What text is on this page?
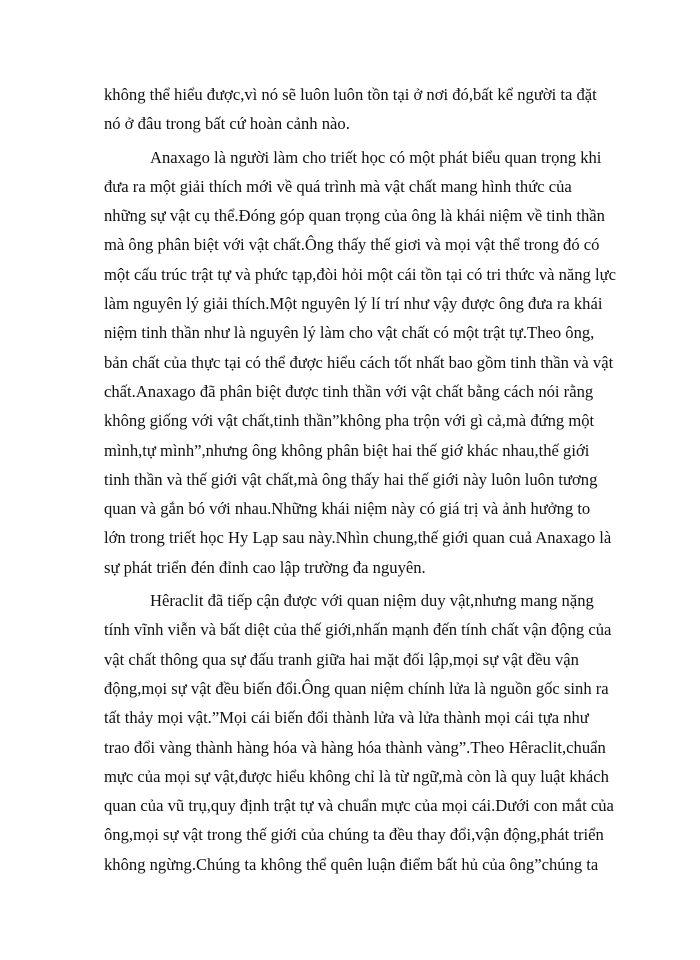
không thể hiểu được,vì nó sẽ luôn luôn tồn tại ở nơi đó,bất kể người ta đặt
nó ở đâu trong bất cứ hoàn cảnh nào.

Anaxago là người làm cho triết học có một phát biểu quan trọng khi
đưa ra một giải thích mới về quá trình mà vật chất mang hình thức của
những sự vật cụ thể.Đóng góp quan trọng của ông là khái niệm về tinh thần
mà ông phân biệt với vật chất.Ông thấy thế giơi và mọi vật thể trong đó có
một cấu trúc trật tự và phức tạp,đòi hỏi một cái tồn tại có tri thức và năng lực
làm nguyên lý giải thích.Một nguyên lý lí trí như vậy được ông đưa ra khái
niệm tinh thần như là nguyên lý làm cho vật chất có một trật tự.Theo ông,
bản chất của thực tại có thể được hiểu cách tốt nhất bao gồm tinh thần và vật
chất.Anaxago đã phân biệt được tinh thần với vật chất bằng cách nói rằng
không giống với vật chất,tinh thần”không pha trộn với gì cả,mà đứng một
mình,tự mình”,nhưng ông không phân biệt hai thế giớ khác nhau,thế giới
tinh thần và thế giới vật chất,mà ông thấy hai thế giới này luôn luôn tương
quan và gắn bó với nhau.Những khái niệm này có giá trị và ảnh hưởng to
lớn trong triết học Hy Lạp sau này.Nhìn chung,thế giới quan cuả Anaxago là
sự phát triển đén đỉnh cao lập trường đa nguyên.

Hêraclit đã tiếp cận được với quan niệm duy vật,nhưng mang nặng
tính vĩnh viễn và bất diệt của thế giới,nhấn mạnh đến tính chất vận động của
vật chất thông qua sự đấu tranh giữa hai mặt đối lập,mọi sự vật đều vận
động,mọi sự vật đều biến đổi.Ông quan niệm chính lửa là nguồn gốc sinh ra
tất thảy mọi vật.”Mọi cái biến đổi thành lửa và lửa thành mọi cái tựa như
trao đổi vàng thành hàng hóa và hàng hóa thành vàng”.Theo Hêraclit,chuẩn
mực của mọi sự vật,được hiểu không chỉ là từ ngữ,mà còn là quy luật khách
quan của vũ trụ,quy định trật tự và chuẩn mực của mọi cái.Dưới con mắt của
ông,mọi sự vật trong thế giới của chúng ta đều thay đổi,vận động,phát triển
không ngừng.Chúng ta không thể quên luận điểm bất hủ của ông”chúng ta
